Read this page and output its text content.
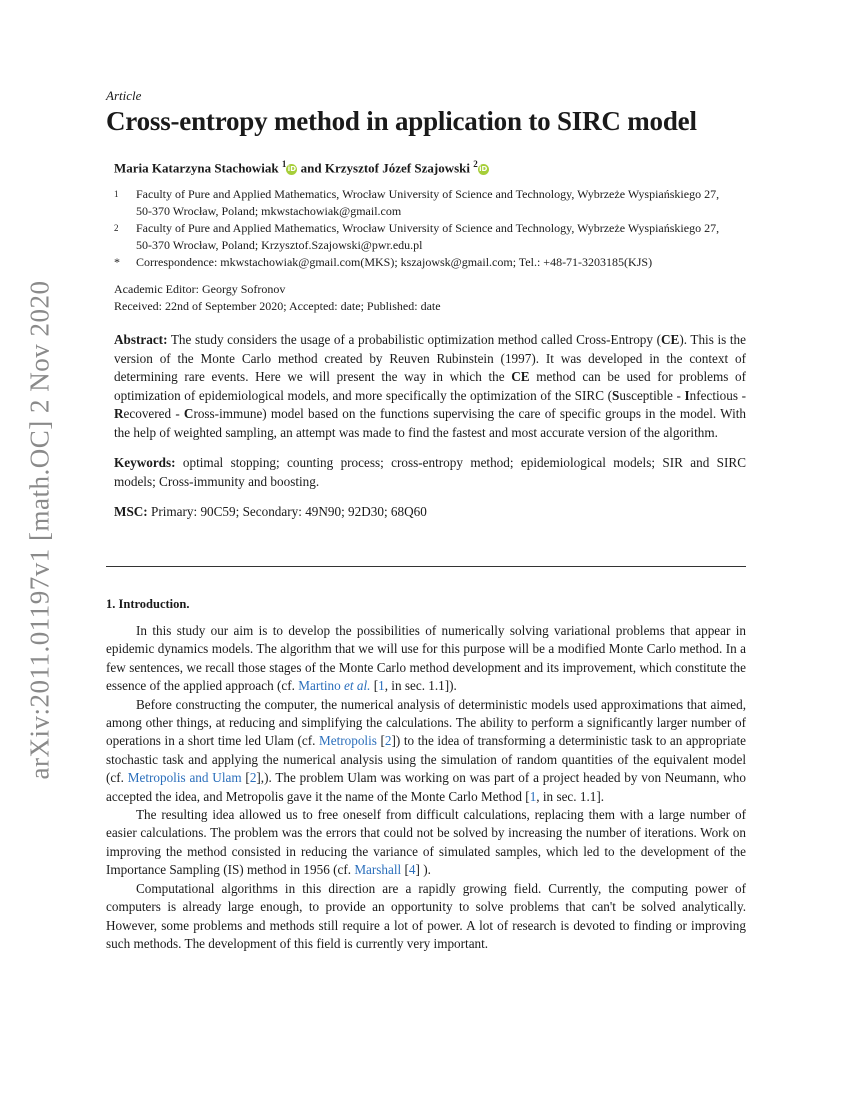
arXiv:2011.01197v1 [math.OC] 2 Nov 2020
Article
Cross-entropy method in application to SIRC model
Maria Katarzyna Stachowiak $^1$iD and Krzysztof Józef Szajowski $^2$iD
1	Faculty of Pure and Applied Mathematics, Wrocław University of Science and Technology, Wybrzeże Wyspiańskiego 27, 50-370 Wrocław, Poland; mkwstachowiak@gmail.com
2	Faculty of Pure and Applied Mathematics, Wrocław University of Science and Technology, Wybrzeże Wyspiańskiego 27, 50-370 Wrocław, Poland; Krzysztof.Szajowski@pwr.edu.pl
*	Correspondence: mkwstachowiak@gmail.com(MKS); kszajowsk@gmail.com; Tel.: +48-71-3203185(KJS)
Academic Editor: Georgy Sofronov
Received: 22nd of September 2020; Accepted: date; Published: date
Abstract: The study considers the usage of a probabilistic optimization method called Cross-Entropy (CE). This is the version of the Monte Carlo method created by Reuven Rubinstein (1997). It was developed in the context of determining rare events. Here we will present the way in which the CE method can be used for problems of optimization of epidemiological models, and more specifically the optimization of the SIRC (Susceptible - Infectious - Recovered - Cross-immune) model based on the functions supervising the care of specific groups in the model. With the help of weighted sampling, an attempt was made to find the fastest and most accurate version of the algorithm.
Keywords: optimal stopping; counting process; cross-entropy method; epidemiological models; SIR and SIRC models; Cross-immunity and boosting.
MSC: Primary: 90C59; Secondary: 49N90; 92D30; 68Q60
1. Introduction.

In this study our aim is to develop the possibilities of numerically solving variational problems that appear in epidemic dynamics models. The algorithm that we will use for this purpose will be a modified Monte Carlo method. In a few sentences, we recall those stages of the Monte Carlo method development and its improvement, which constitute the essence of the applied approach (cf. Martino et al. [1, in sec. 1.1]).

Before constructing the computer, the numerical analysis of deterministic models used approximations that aimed, among other things, at reducing and simplifying the calculations. The ability to perform a significantly larger number of operations in a short time led Ulam (cf. Metropolis [2]) to the idea of transforming a deterministic task to an appropriate stochastic task and applying the numerical analysis using the simulation of random quantities of the equivalent model (cf. Metropolis and Ulam [2],). The problem Ulam was working on was part of a project headed by von Neumann, who accepted the idea, and Metropolis gave it the name of the Monte Carlo Method [1, in sec. 1.1].

The resulting idea allowed us to free oneself from difficult calculations, replacing them with a large number of easier calculations. The problem was the errors that could not be solved by increasing the number of iterations. Work on improving the method consisted in reducing the variance of simulated samples, which led to the development of the Importance Sampling (IS) method in 1956 (cf. Marshall [4] ).

Computational algorithms in this direction are a rapidly growing field. Currently, the computing power of computers is already large enough, to provide an opportunity to solve problems that can't be solved analytically. However, some problems and methods still require a lot of power. A lot of research is devoted to finding or improving such methods. The development of this field is currently very important.
